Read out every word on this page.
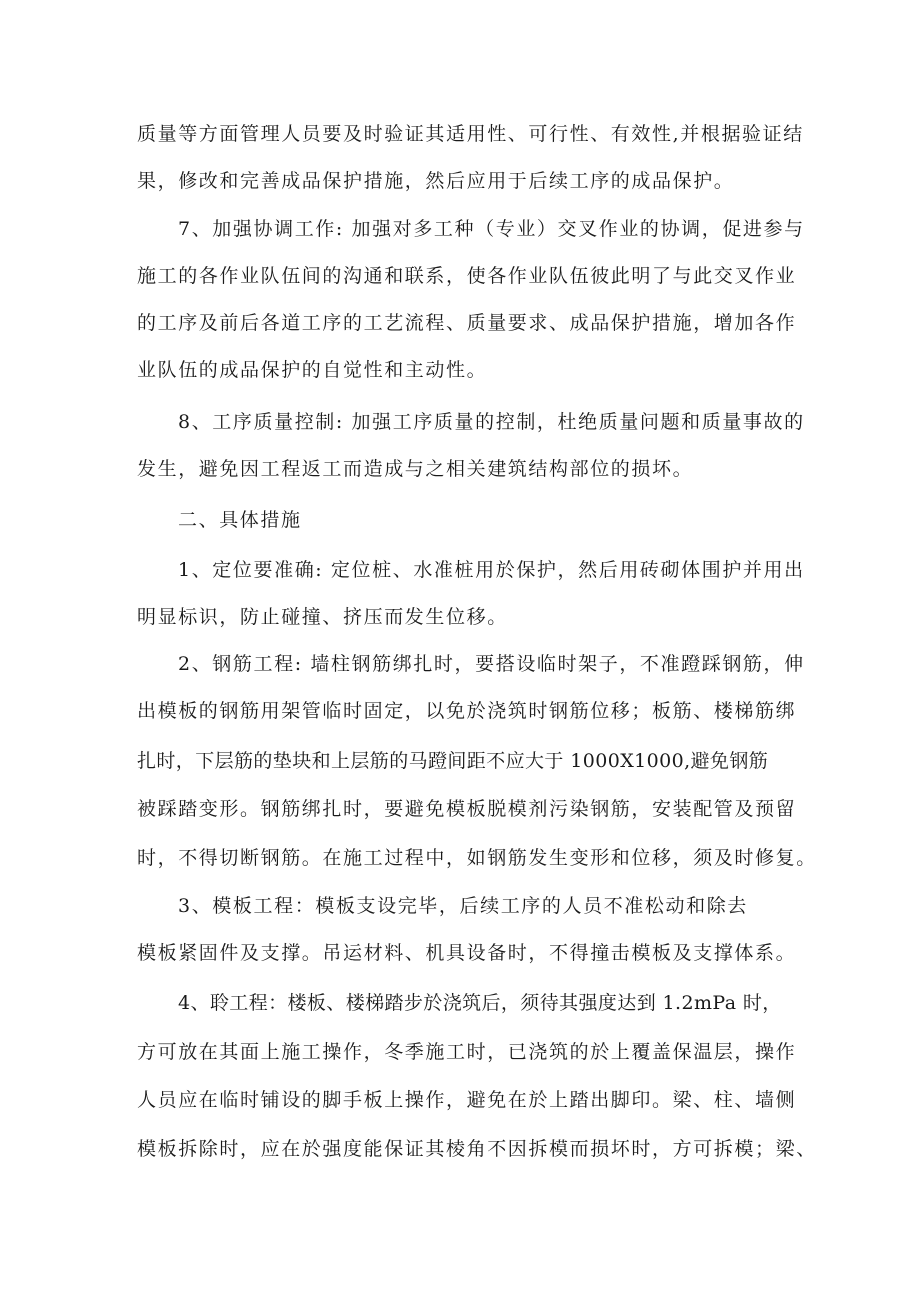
质量等方面管理人员要及时验证其适用性、可行性、有效性,并根据验证结
果，修改和完善成品保护措施，然后应用于后续工序的成品保护。
7、加强协调工作: 加强对多工种（专业）交叉作业的协调，促进参与
施工的各作业队伍间的沟通和联系，使各作业队伍彼此明了与此交叉作业
的工序及前后各道工序的工艺流程、质量要求、成品保护措施，增加各作
业队伍的成品保护的自觉性和主动性。
8、工序质量控制: 加强工序质量的控制，杜绝质量问题和质量事故的
发生，避免因工程返工而造成与之相关建筑结构部位的损坏。
二、具体措施
1、定位要准确: 定位桩、水准桩用於保护，然后用砖砌体围护并用出
明显标识，防止碰撞、挤压而发生位移。
2、钢筋工程: 墙柱钢筋绑扎时，要搭设临时架子，不准蹬踩钢筋，伸
出模板的钢筋用架管临时固定，以免於浇筑时钢筋位移；板筋、楼梯筋绑
扎时，下层筋的垫块和上层筋的马蹬间距不应大于 1000X1000,避免钢筋
被踩踏变形。钢筋绑扎时，要避免模板脱模剂污染钢筋，安装配管及预留
时，不得切断钢筋。在施工过程中，如钢筋发生变形和位移，须及时修复。
3、模板工程：模板支设完毕，后续工序的人员不准松动和除去
模板紧固件及支撑。吊运材料、机具设备时，不得撞击模板及支撑体系。
4、聆工程：楼板、楼梯踏步於浇筑后，须待其强度达到 1.2mPa 时，
方可放在其面上施工操作，冬季施工时，已浇筑的於上覆盖保温层，操作
人员应在临时铺设的脚手板上操作，避免在於上踏出脚印。梁、柱、墙侧
模板拆除时，应在於强度能保证其棱角不因拆模而损坏时，方可拆模；梁、
